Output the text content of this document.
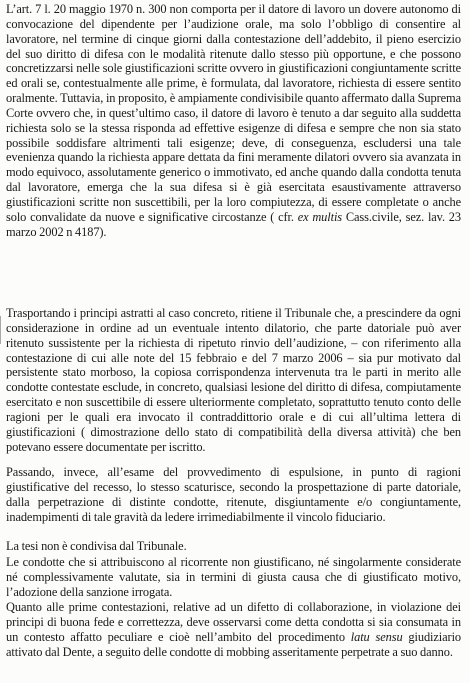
L’art. 7 l. 20 maggio 1970 n. 300 non comporta per il datore di lavoro un dovere autonomo di convocazione del dipendente per l’audizione orale, ma solo l’obbligo di consentire al lavoratore, nel termine di cinque giorni dalla contestazione dell’addebito, il pieno esercizio del suo diritto di difesa con le modalità ritenute dallo stesso più opportune, e che possono concretizzarsi nelle sole giustificazioni scritte ovvero in giustificazioni congiuntamente scritte ed orali se, contestualmente alle prime, è formulata, dal lavoratore, richiesta di essere sentito oralmente. Tuttavia, in proposito, è ampiamente condivisibile quanto affermato dalla Suprema Corte ovvero che, in quest’ultimo caso, il datore di lavoro è tenuto a dar seguito alla suddetta richiesta solo se la stessa risponda ad effettive esigenze di difesa e sempre che non sia stato possibile soddisfare altrimenti tali esigenze; deve, di conseguenza, escludersi una tale evenienza quando la richiesta appare dettata da fini meramente dilatori ovvero sia avanzata in modo equivoco, assolutamente generico o immotivato, ed anche quando dalla condotta tenuta dal lavoratore, emerga che la sua difesa si è già esercitata esaustivamente attraverso giustificazioni scritte non suscettibili, per la loro compiutezza, di essere completate o anche solo convalidate da nuove e significative circostanze ( cfr. ex multis Cass.civile, sez. lav. 23 marzo 2002 n 4187).

Trasportando i principi astratti al caso concreto, ritiene il Tribunale che, a prescindere da ogni considerazione in ordine ad un eventuale intento dilatorio, che parte datoriale può aver ritenuto sussistente per la richiesta di ripetuto rinvio dell’audizione, – con riferimento alla contestazione di cui alle note del 15 febbraio e del 7 marzo 2006 – sia pur motivato dal persistente stato morboso, la copiosa corrispondenza intervenuta tra le parti in merito alle condotte contestate esclude, in concreto, qualsiasi lesione del diritto di difesa, compiutamente esercitato e non suscettibile di essere ulteriormente completato, soprattutto tenuto conto delle ragioni per le quali era invocato il contraddittorio orale e di cui all’ultima lettera di giustificazioni ( dimostrazione dello stato di compatibilità della diversa attività) che ben potevano essere documentate per iscritto.

Passando, invece, all’esame del provvedimento di espulsione, in punto di ragioni giustificative del recesso, lo stesso scaturisce, secondo la prospettazione di parte datoriale, dalla perpetrazione di distinte condotte, ritenute, disgiuntamente e/o congiuntamente, inadempimenti di tale gravità da ledere irrimediabilmente il vincolo fiduciario.

La tesi non è condivisa dal Tribunale.

Le condotte che si attribuiscono al ricorrente non giustificano, né singolarmente considerate né complessivamente valutate, sia in termini di giusta causa che di giustificato motivo, l’adozione della sanzione irrogata.

Quanto alle prime contestazioni, relative ad un difetto di collaborazione, in violazione dei principi di buona fede e correttezza, deve osservarsi come detta condotta si sia consumata in un contesto affatto peculiare e cioè nell’ambito del procedimento latu sensu giudiziario attivato dal Dente, a seguito delle condotte di mobbing asseritamente perpetrate a suo danno.
